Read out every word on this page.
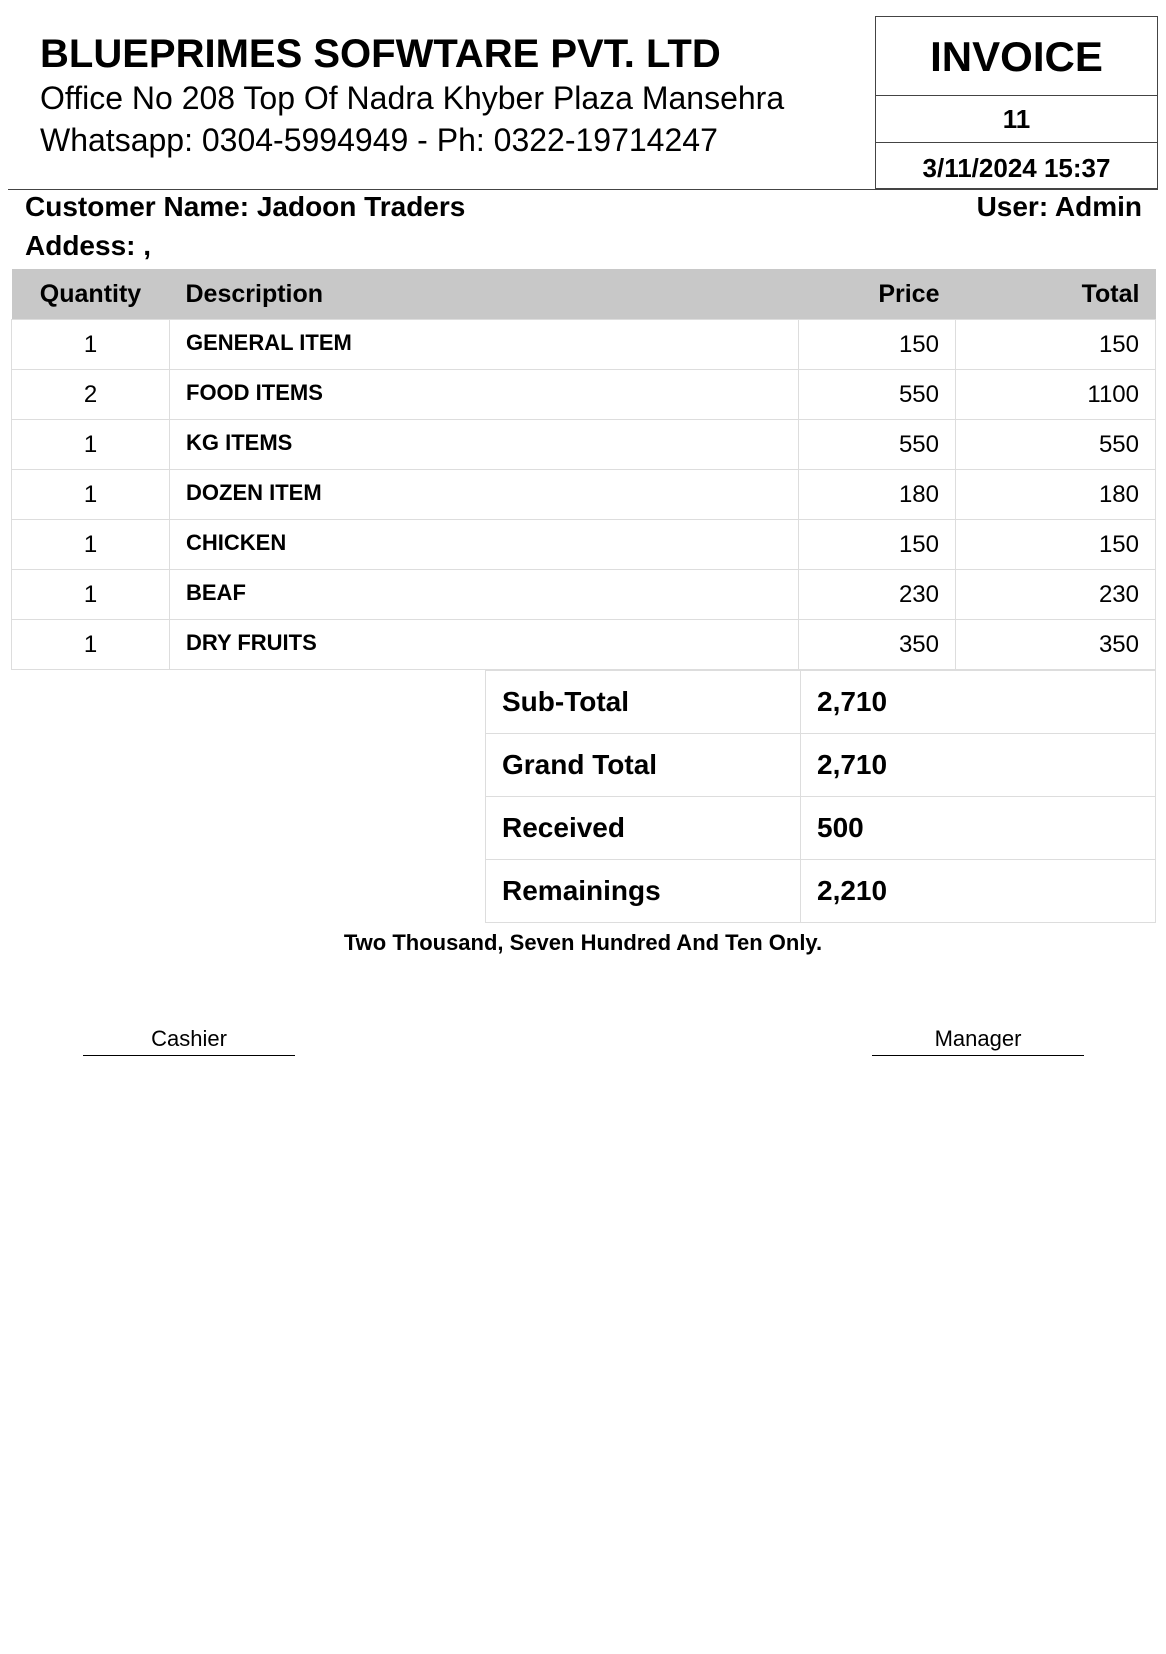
BLUEPRIMES SOFWTARE PVT. LTD
Office No 208 Top Of Nadra Khyber Plaza Mansehra
Whatsapp: 0304-5994949 - Ph: 0322-19714247
INVOICE
11
3/11/2024 15:37
Customer Name: Jadoon Traders	User: Admin
Addess: ,
Quantity	Description	Price	Total
1	GENERAL ITEM	150	150
2	FOOD ITEMS	550	1100
1	KG ITEMS	550	550
1	DOZEN ITEM	180	180
1	CHICKEN	150	150
1	BEAF	230	230
1	DRY FRUITS	350	350
Sub-Total	2,710
Grand Total	2,710
Received	500
Remainings	2,210
Two Thousand, Seven Hundred And Ten Only.
Cashier	Manager
